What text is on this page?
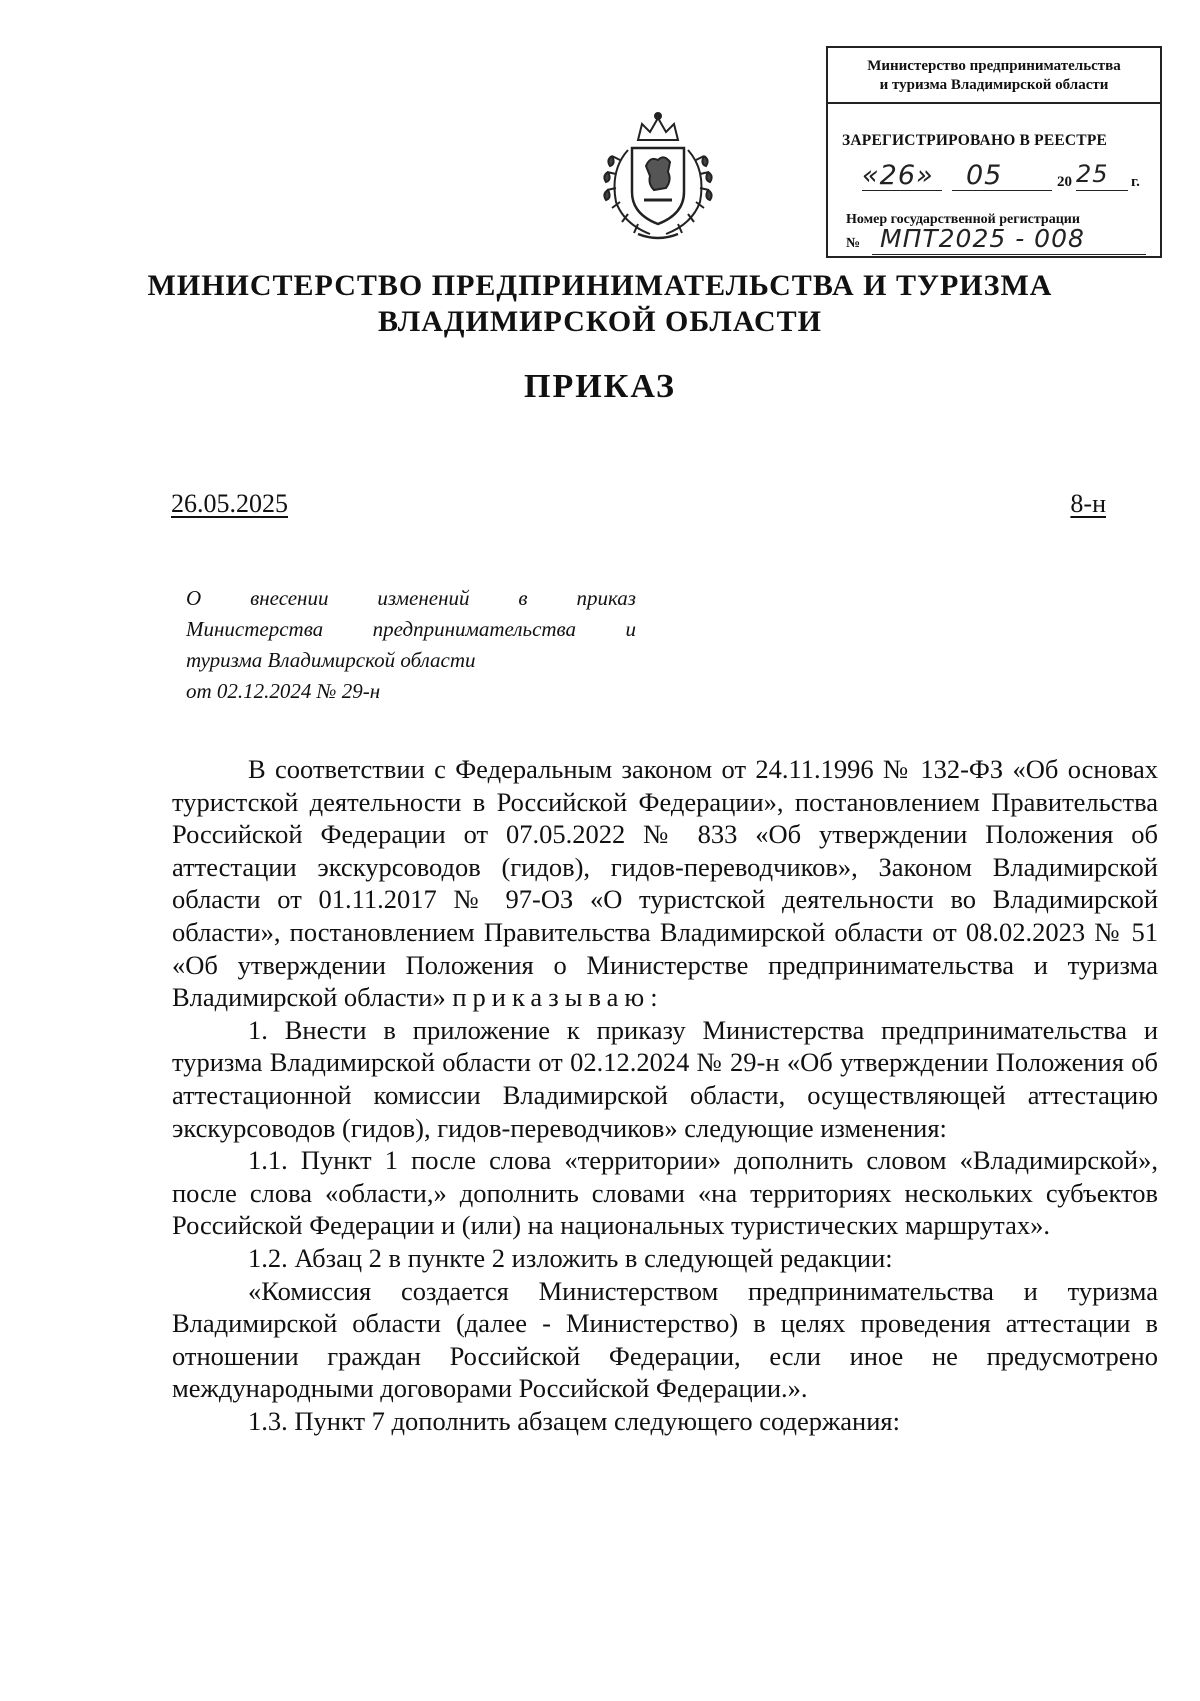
Министерство предпринимательства
и туризма Владимирской области
ЗАРЕГИСТРИРОВАНО В РЕЕСТРЕ
«26» 05	20 25 г.
Номер государственной регистрации
№ МПТ2025 - 008
МИНИСТЕРСТВО ПРЕДПРИНИМАТЕЛЬСТВА И ТУРИЗМА
ВЛАДИМИРСКОЙ ОБЛАСТИ
ПРИКАЗ
26.05.2025	8-н
О внесении изменений в приказ
Министерства предпринимательства и
туризма Владимирской области
от 02.12.2024 № 29-н

В соответствии с Федеральным законом от 24.11.1996 № 132-ФЗ «Об основах туристской деятельности в Российской Федерации», постановлением Правительства Российской Федерации от 07.05.2022 № 833 «Об утверждении Положения об аттестации экскурсоводов (гидов), гидов-переводчиков», Законом Владимирской области от 01.11.2017 № 97-ОЗ «О туристской деятельности во Владимирской области», постановлением Правительства Владимирской области от 08.02.2023 № 51 «Об утверждении Положения о Министерстве предпринимательства и туризма Владимирской области» приказываю:

1. Внести в приложение к приказу Министерства предпринимательства и туризма Владимирской области от 02.12.2024 № 29-н «Об утверждении Положения об аттестационной комиссии Владимирской области, осуществляющей аттестацию экскурсоводов (гидов), гидов-переводчиков» следующие изменения:

1.1. Пункт 1 после слова «территории» дополнить словом «Владимирской», после слова «области,» дополнить словами «на территориях нескольких субъектов Российской Федерации и (или) на национальных туристических маршрутах».

1.2. Абзац 2 в пункте 2 изложить в следующей редакции:

«Комиссия создается Министерством предпринимательства и туризма Владимирской области (далее - Министерство) в целях проведения аттестации в отношении граждан Российской Федерации, если иное не предусмотрено международными договорами Российской Федерации.».

1.3. Пункт 7 дополнить абзацем следующего содержания:
